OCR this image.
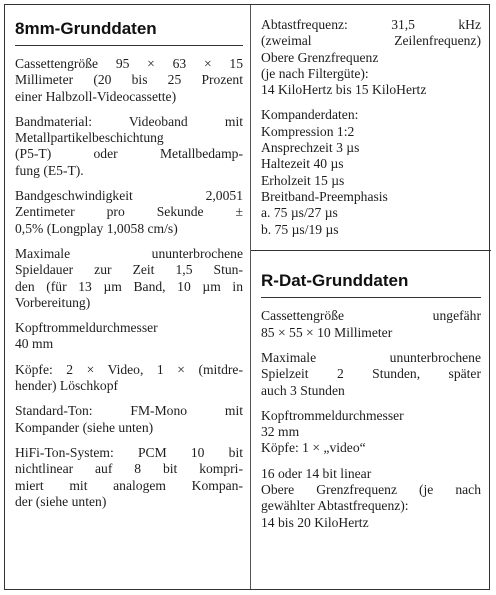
8mm-Grunddaten
Cassettengröße 95 × 63 × 15
Millimeter (20 bis 25 Prozent
einer Halbzoll-Videocassette)
Bandmaterial: Videoband mit
Metallpartikelbeschichtung
(P5-T) oder Metallbedamp-
fung (E5-T).
Bandgeschwindigkeit 2,0051
Zentimeter pro Sekunde ±
0,5% (Longplay 1,0058 cm/s)
Maximale ununterbrochene
Spieldauer zur Zeit 1,5 Stun-
den (für 13 µm Band, 10 µm in
Vorbereitung)
Kopftrommeldurchmesser
40 mm
Köpfe: 2 × Video, 1 × (mitdre-
hender) Löschkopf
Standard-Ton: FM-Mono mit
Kompander (siehe unten)
HiFi-Ton-System: PCM 10 bit
nichtlinear auf 8 bit kompri-
miert mit analogem Kompan-
der (siehe unten)
Abtastfrequenz: 31,5 kHz
(zweimal Zeilenfrequenz)
Obere Grenzfrequenz
(je nach Filtergüte):
14 KiloHertz bis 15 KiloHertz
Kompanderdaten:
Kompression 1:2
Ansprechzeit 3 µs
Haltezeit 40 µs
Erholzeit 15 µs
Breitband-Preemphasis
a. 75 µs/27 µs
b. 75 µs/19 µs
R-Dat-Grunddaten
Cassettengröße ungefähr
85 × 55 × 10 Millimeter
Maximale ununterbrochene
Spielzeit 2 Stunden, später
auch 3 Stunden
Kopftrommeldurchmesser
32 mm
Köpfe: 1 × „video“
16 oder 14 bit linear
Obere Grenzfrequenz (je nach
gewählter Abtastfrequenz):
14 bis 20 KiloHertz
